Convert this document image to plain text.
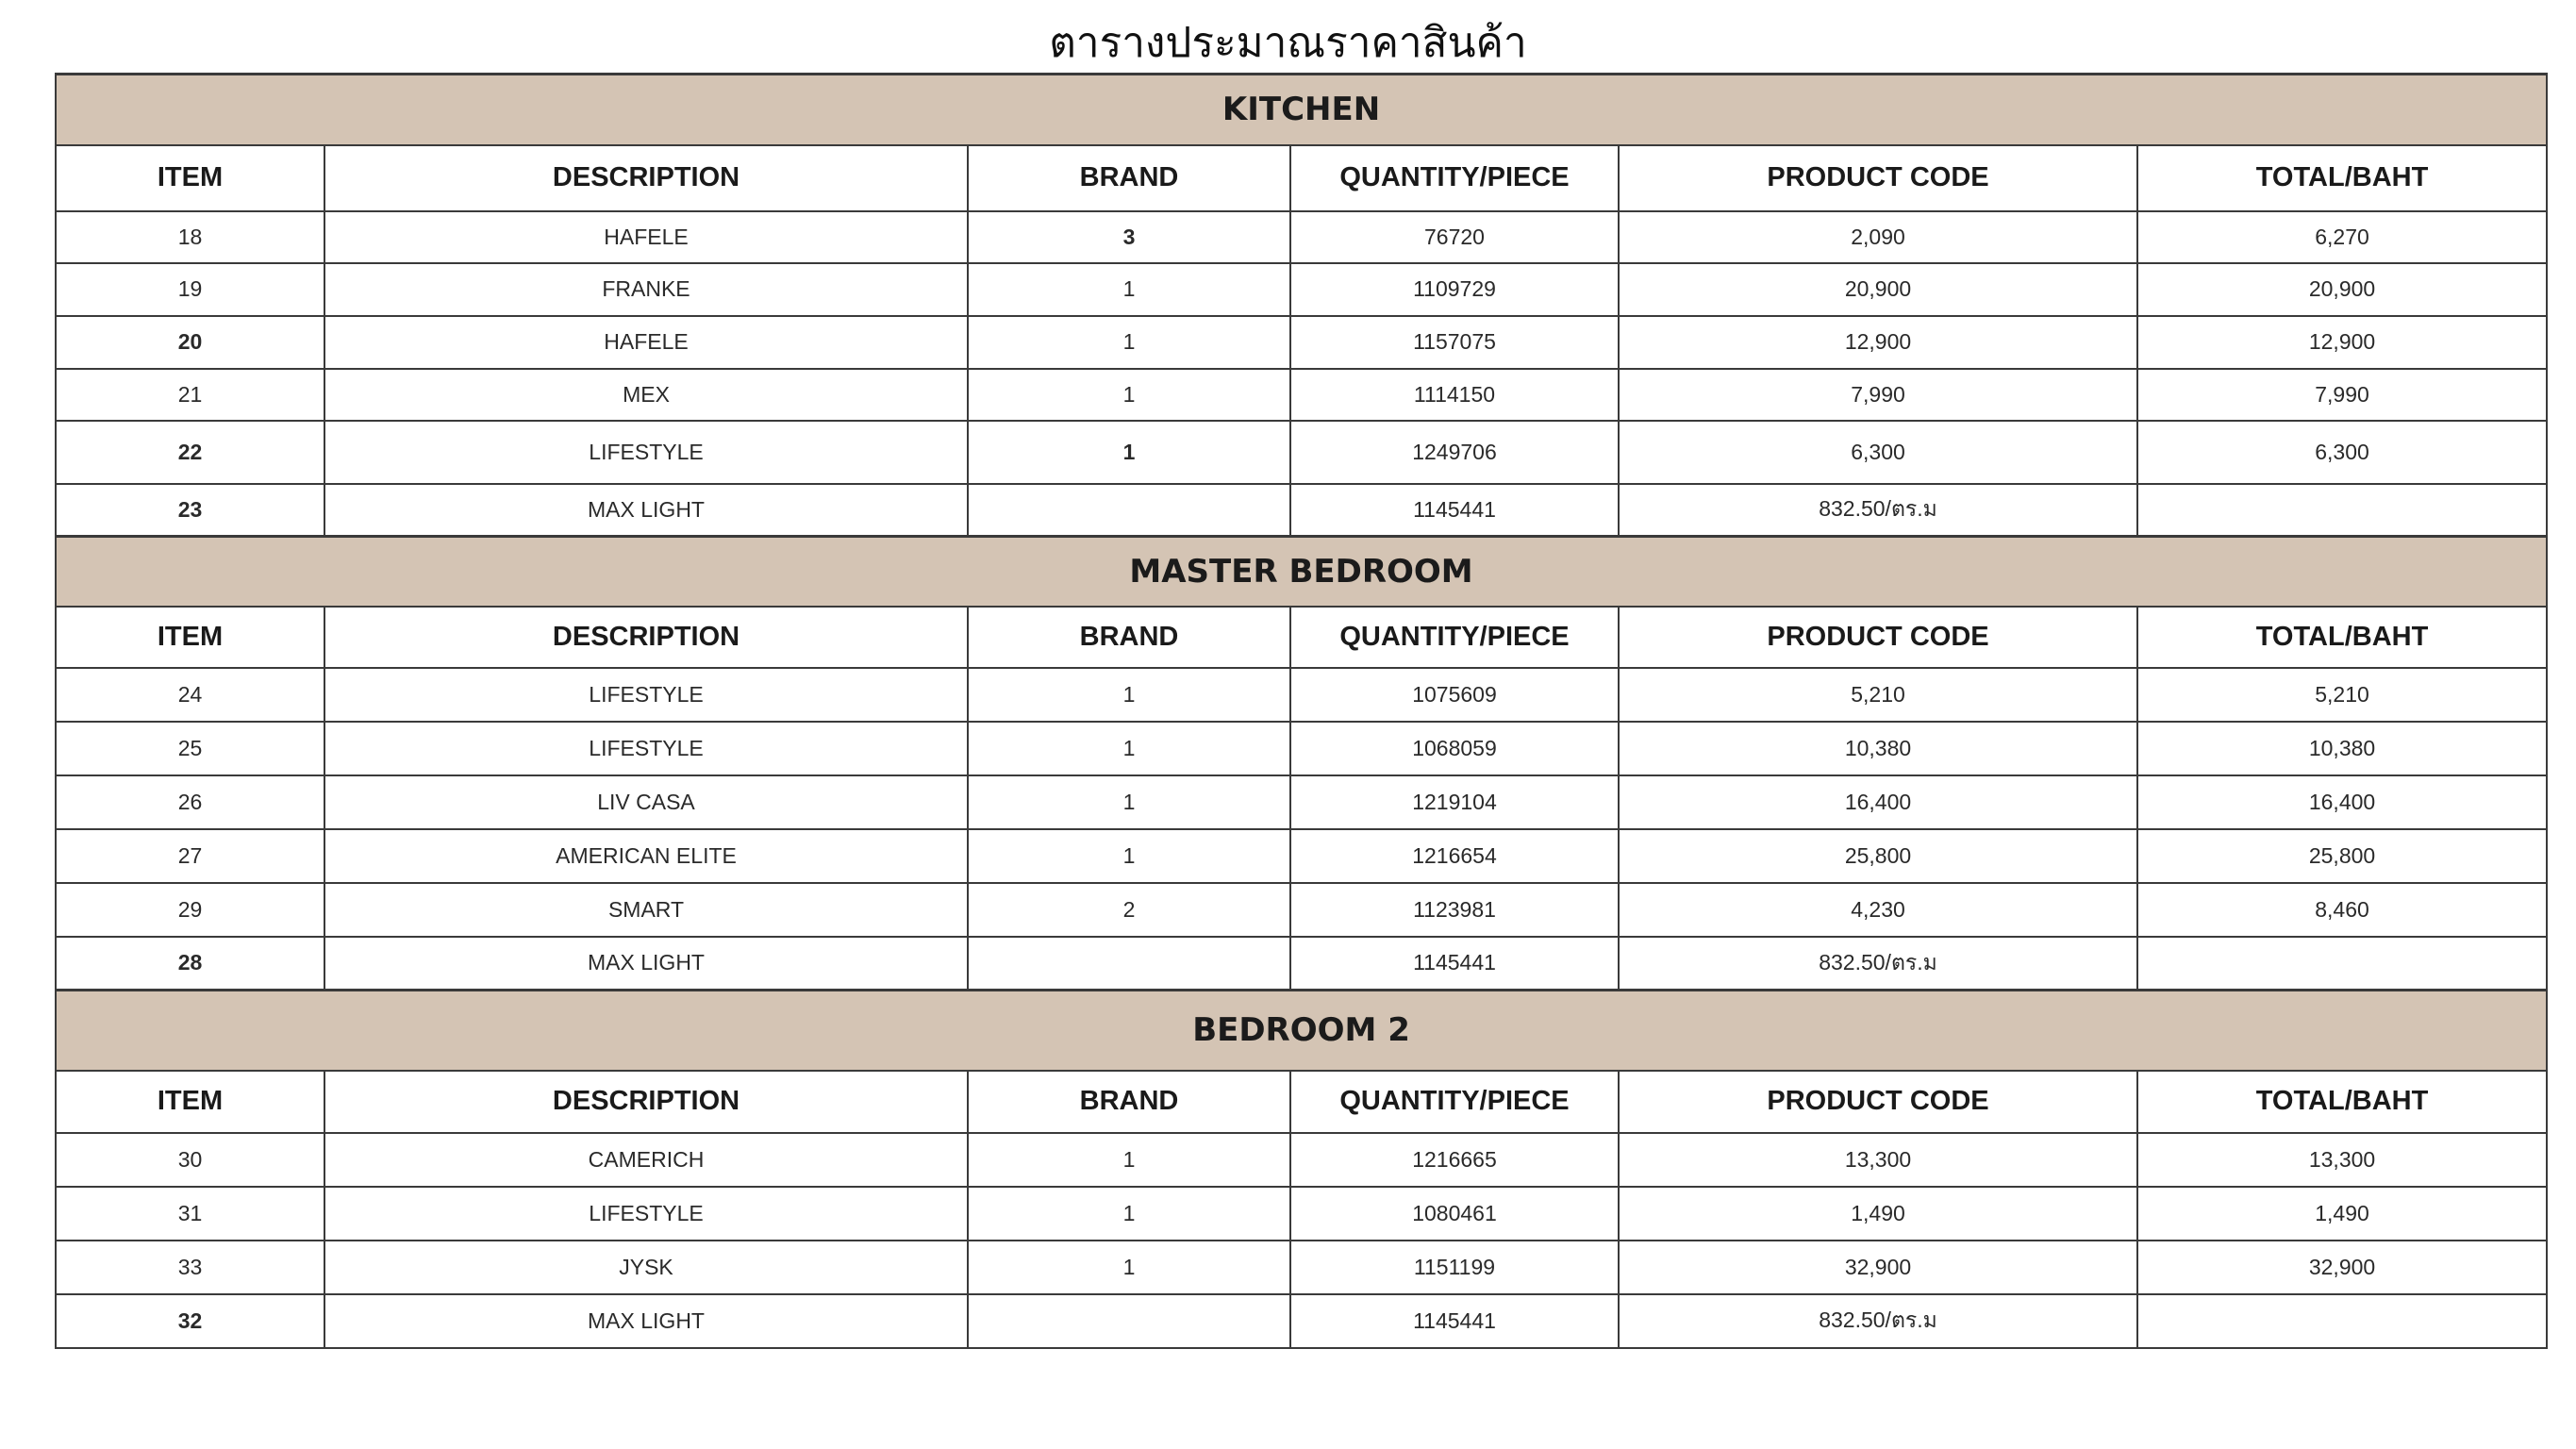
ตารางประมาณราคาสินค้า
KITCHEN					
ITEM	DESCRIPTION	BRAND	QUANTITY/PIECE	PRODUCT CODE	TOTAL/BAHT
18	HAFELE	3	76720	2,090	6,270
19	FRANKE	1	1109729	20,900	20,900
20	HAFELE	1	1157075	12,900	12,900
21	MEX	1	1114150	7,990	7,990
22	LIFESTYLE	1	1249706	6,300	6,300
23	MAX LIGHT		1145441	832.50/ตร.ม	
MASTER BEDROOM					
ITEM	DESCRIPTION	BRAND	QUANTITY/PIECE	PRODUCT CODE	TOTAL/BAHT
24	LIFESTYLE	1	1075609	5,210	5,210
25	LIFESTYLE	1	1068059	10,380	10,380
26	LIV CASA	1	1219104	16,400	16,400
27	AMERICAN ELITE	1	1216654	25,800	25,800
29	SMART	2	1123981	4,230	8,460
28	MAX LIGHT		1145441	832.50/ตร.ม	
BEDROOM 2					
ITEM	DESCRIPTION	BRAND	QUANTITY/PIECE	PRODUCT CODE	TOTAL/BAHT
30	CAMERICH	1	1216665	13,300	13,300
31	LIFESTYLE	1	1080461	1,490	1,490
33	JYSK	1	1151199	32,900	32,900
32	MAX LIGHT		1145441	832.50/ตร.ม	
